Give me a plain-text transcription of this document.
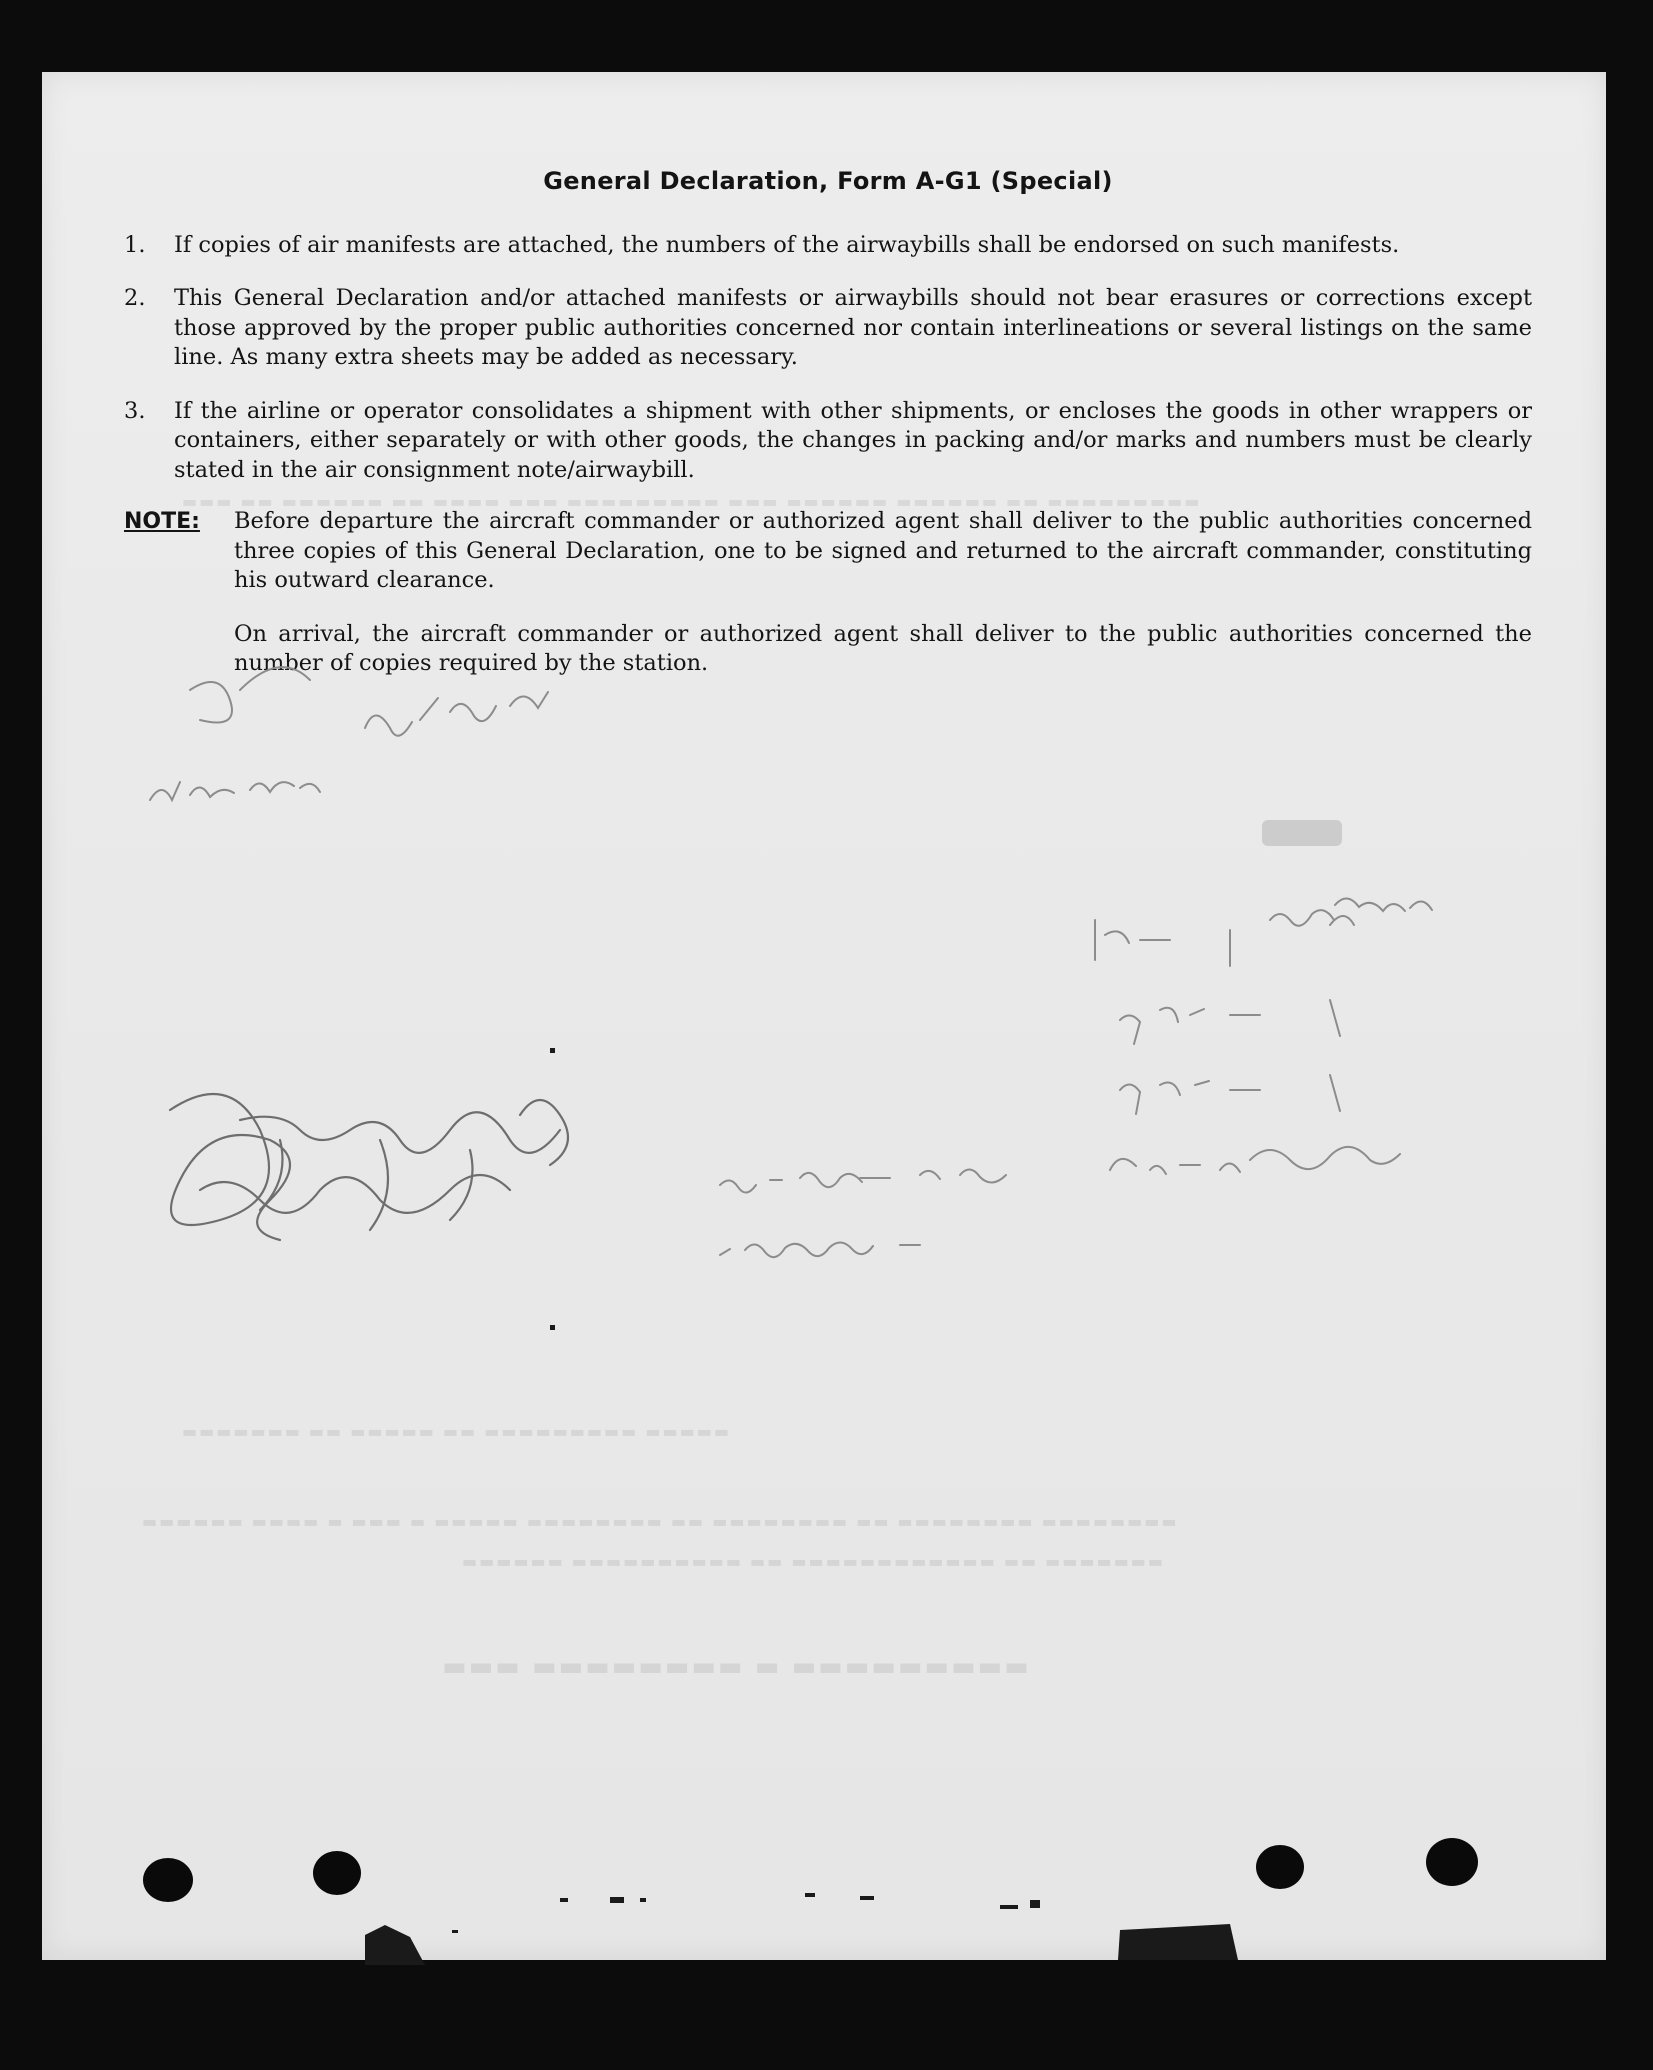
▬▬▬ ▬▬ ▬▬▬▬▬▬ ▬▬ ▬▬▬▬ ▬▬▬ ▬▬▬▬▬▬▬▬▬ ▬▬▬ ▬▬▬▬▬▬ ▬▬▬▬▬▬ ▬▬ ▬▬▬▬▬▬▬▬▬
▬▬▬▬▬▬▬ ▬▬ ▬▬▬▬▬ ▬▬ ▬▬▬▬▬▬▬▬▬ ▬▬▬▬▬
▬▬▬▬▬▬ ▬▬▬▬ ▬ ▬▬▬ ▬ ▬▬▬▬▬ ▬▬▬▬▬▬▬▬ ▬▬ ▬▬▬▬▬▬▬▬ ▬▬ ▬▬▬▬▬▬▬▬ ▬▬▬▬▬▬▬▬
▬▬▬▬▬▬ ▬▬▬▬▬▬▬▬▬▬ ▬▬ ▬▬▬▬▬▬▬▬▬▬▬▬ ▬▬ ▬▬▬▬▬▬▬
▬▬▬ ▬▬▬▬▬▬▬▬ ▬ ▬▬▬▬▬▬▬▬▬
General Declaration, Form A-G1 (Special)
1.	If copies of air manifests are attached, the numbers of the airwaybills shall be endorsed on such manifests.
2.	This General Declaration and/or attached manifests or airwaybills should not bear erasures or corrections except those approved by the proper public authorities concerned nor contain interlineations or several listings on the same line. As many extra sheets may be added as necessary.
3.	If the airline or operator consolidates a shipment with other shipments, or encloses the goods in other wrappers or containers, either separately or with other goods, the changes in packing and/or marks and numbers must be clearly stated in the air consignment note/airwaybill.
NOTE:	Before departure the aircraft commander or authorized agent shall deliver to the public authorities concerned three copies of this General Declaration, one to be signed and returned to the aircraft commander, constituting his outward clearance.
On arrival, the aircraft commander or authorized agent shall deliver to the public authorities concerned the number of copies required by the station.
